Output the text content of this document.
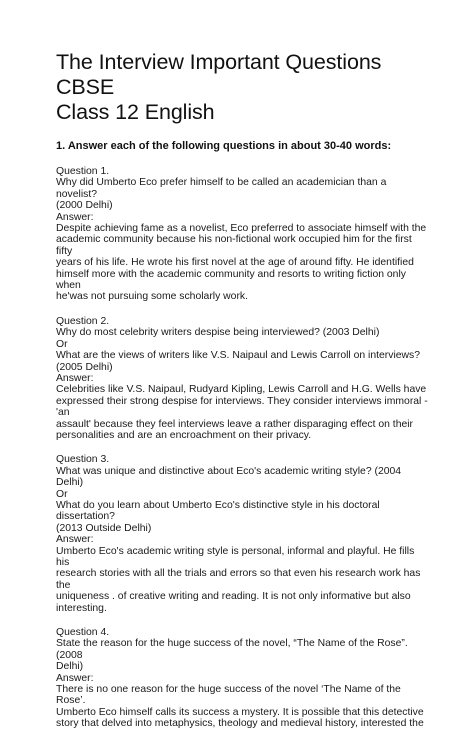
The Interview Important Questions CBSE
Class 12 English
1. Answer each of the following questions in about 30-40 words:

Question 1.

Why did Umberto Eco prefer himself to be called an academician than a novelist?

(2000 Delhi)

Answer:

Despite achieving fame as a novelist, Eco preferred to associate himself with the

academic community because his non-fictional work occupied him for the first fifty

years of his life. He wrote his first novel at the age of around fifty. He identified

himself more with the academic community and resorts to writing fiction only when

he'was not pursuing some scholarly work.

Question 2.

Why do most celebrity writers despise being interviewed? (2003 Delhi)

Or

What are the views of writers like V.S. Naipaul and Lewis Carroll on interviews?

(2005 Delhi)

Answer:

Celebrities like V.S. Naipaul, Rudyard Kipling, Lewis Carroll and H.G. Wells have

expressed their strong despise for interviews. They consider interviews immoral -'an

assault' because they feel interviews leave a rather disparaging effect on their

personalities and are an encroachment on their privacy.

Question 3.

What was unique and distinctive about Eco's academic writing style? (2004 Delhi)

Or

What do you learn about Umberto Eco's distinctive style in his doctoral dissertation?

(2013 Outside Delhi)

Answer:

Umberto Eco's academic writing style is personal, informal and playful. He fills his

research stories with all the trials and errors so that even his research work has the

uniqueness . of creative writing and reading. It is not only informative but also

interesting.

Question 4.

State the reason for the huge success of the novel, “The Name of the Rose”. (2008

Delhi)

Answer:

There is no one reason for the huge success of the novel ‘The Name of the Rose’.

Umberto Eco himself calls its success a mystery. It is possible that this detective

story that delved into metaphysics, theology and medieval history, interested the
